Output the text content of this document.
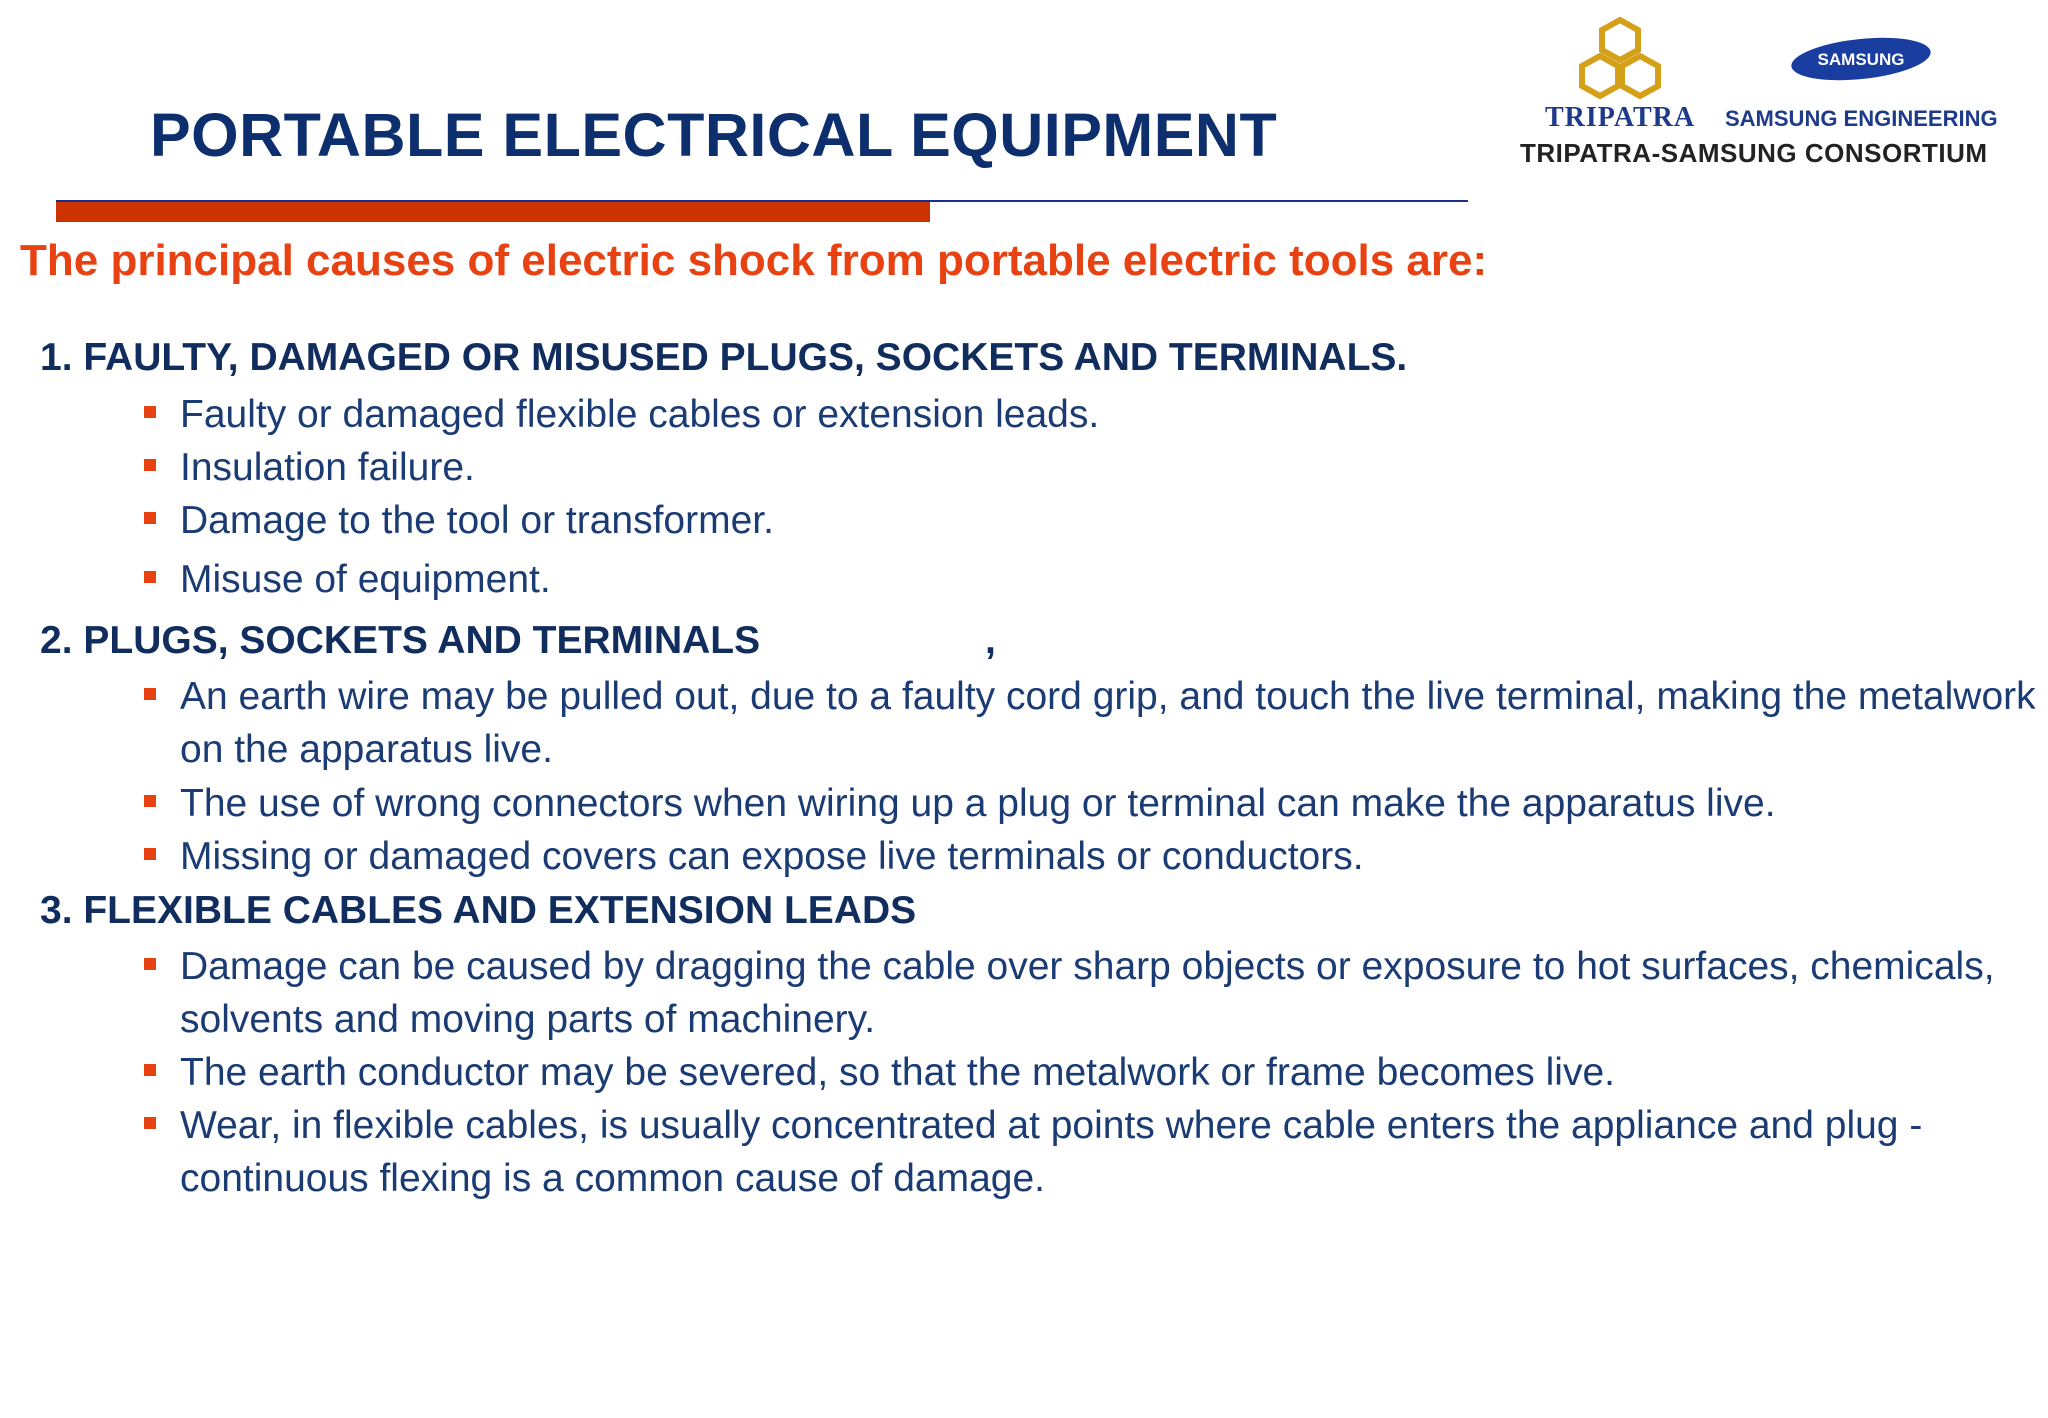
PORTABLE ELECTRICAL EQUIPMENT	TRIPATRA
SAMSUNG
SAMSUNG ENGINEERING
TRIPATRA-SAMSUNG CONSORTIUM
The principal causes of electric shock from portable electric tools are:
1. FAULTY, DAMAGED OR MISUSED PLUGS, SOCKETS AND TERMINALS.
Faulty or damaged flexible cables or extension leads.
Insulation failure.
Damage to the tool or transformer.
Misuse of equipment.
2. PLUGS, SOCKETS AND TERMINALS	,
An earth wire may be pulled out, due to a faulty cord grip, and touch the live terminal, making the metalwork on the apparatus live.
The use of wrong connectors when wiring up a plug or terminal can make the apparatus live.
Missing or damaged covers can expose live terminals or conductors.
3. FLEXIBLE CABLES AND EXTENSION LEADS
Damage can be caused by dragging the cable over sharp objects or exposure to hot surfaces, chemicals, solvents and moving parts of machinery.
The earth conductor may be severed, so that the metalwork or frame becomes live.
Wear, in flexible cables, is usually concentrated at points where cable enters the appliance and plug - continuous flexing is a common cause of damage.
